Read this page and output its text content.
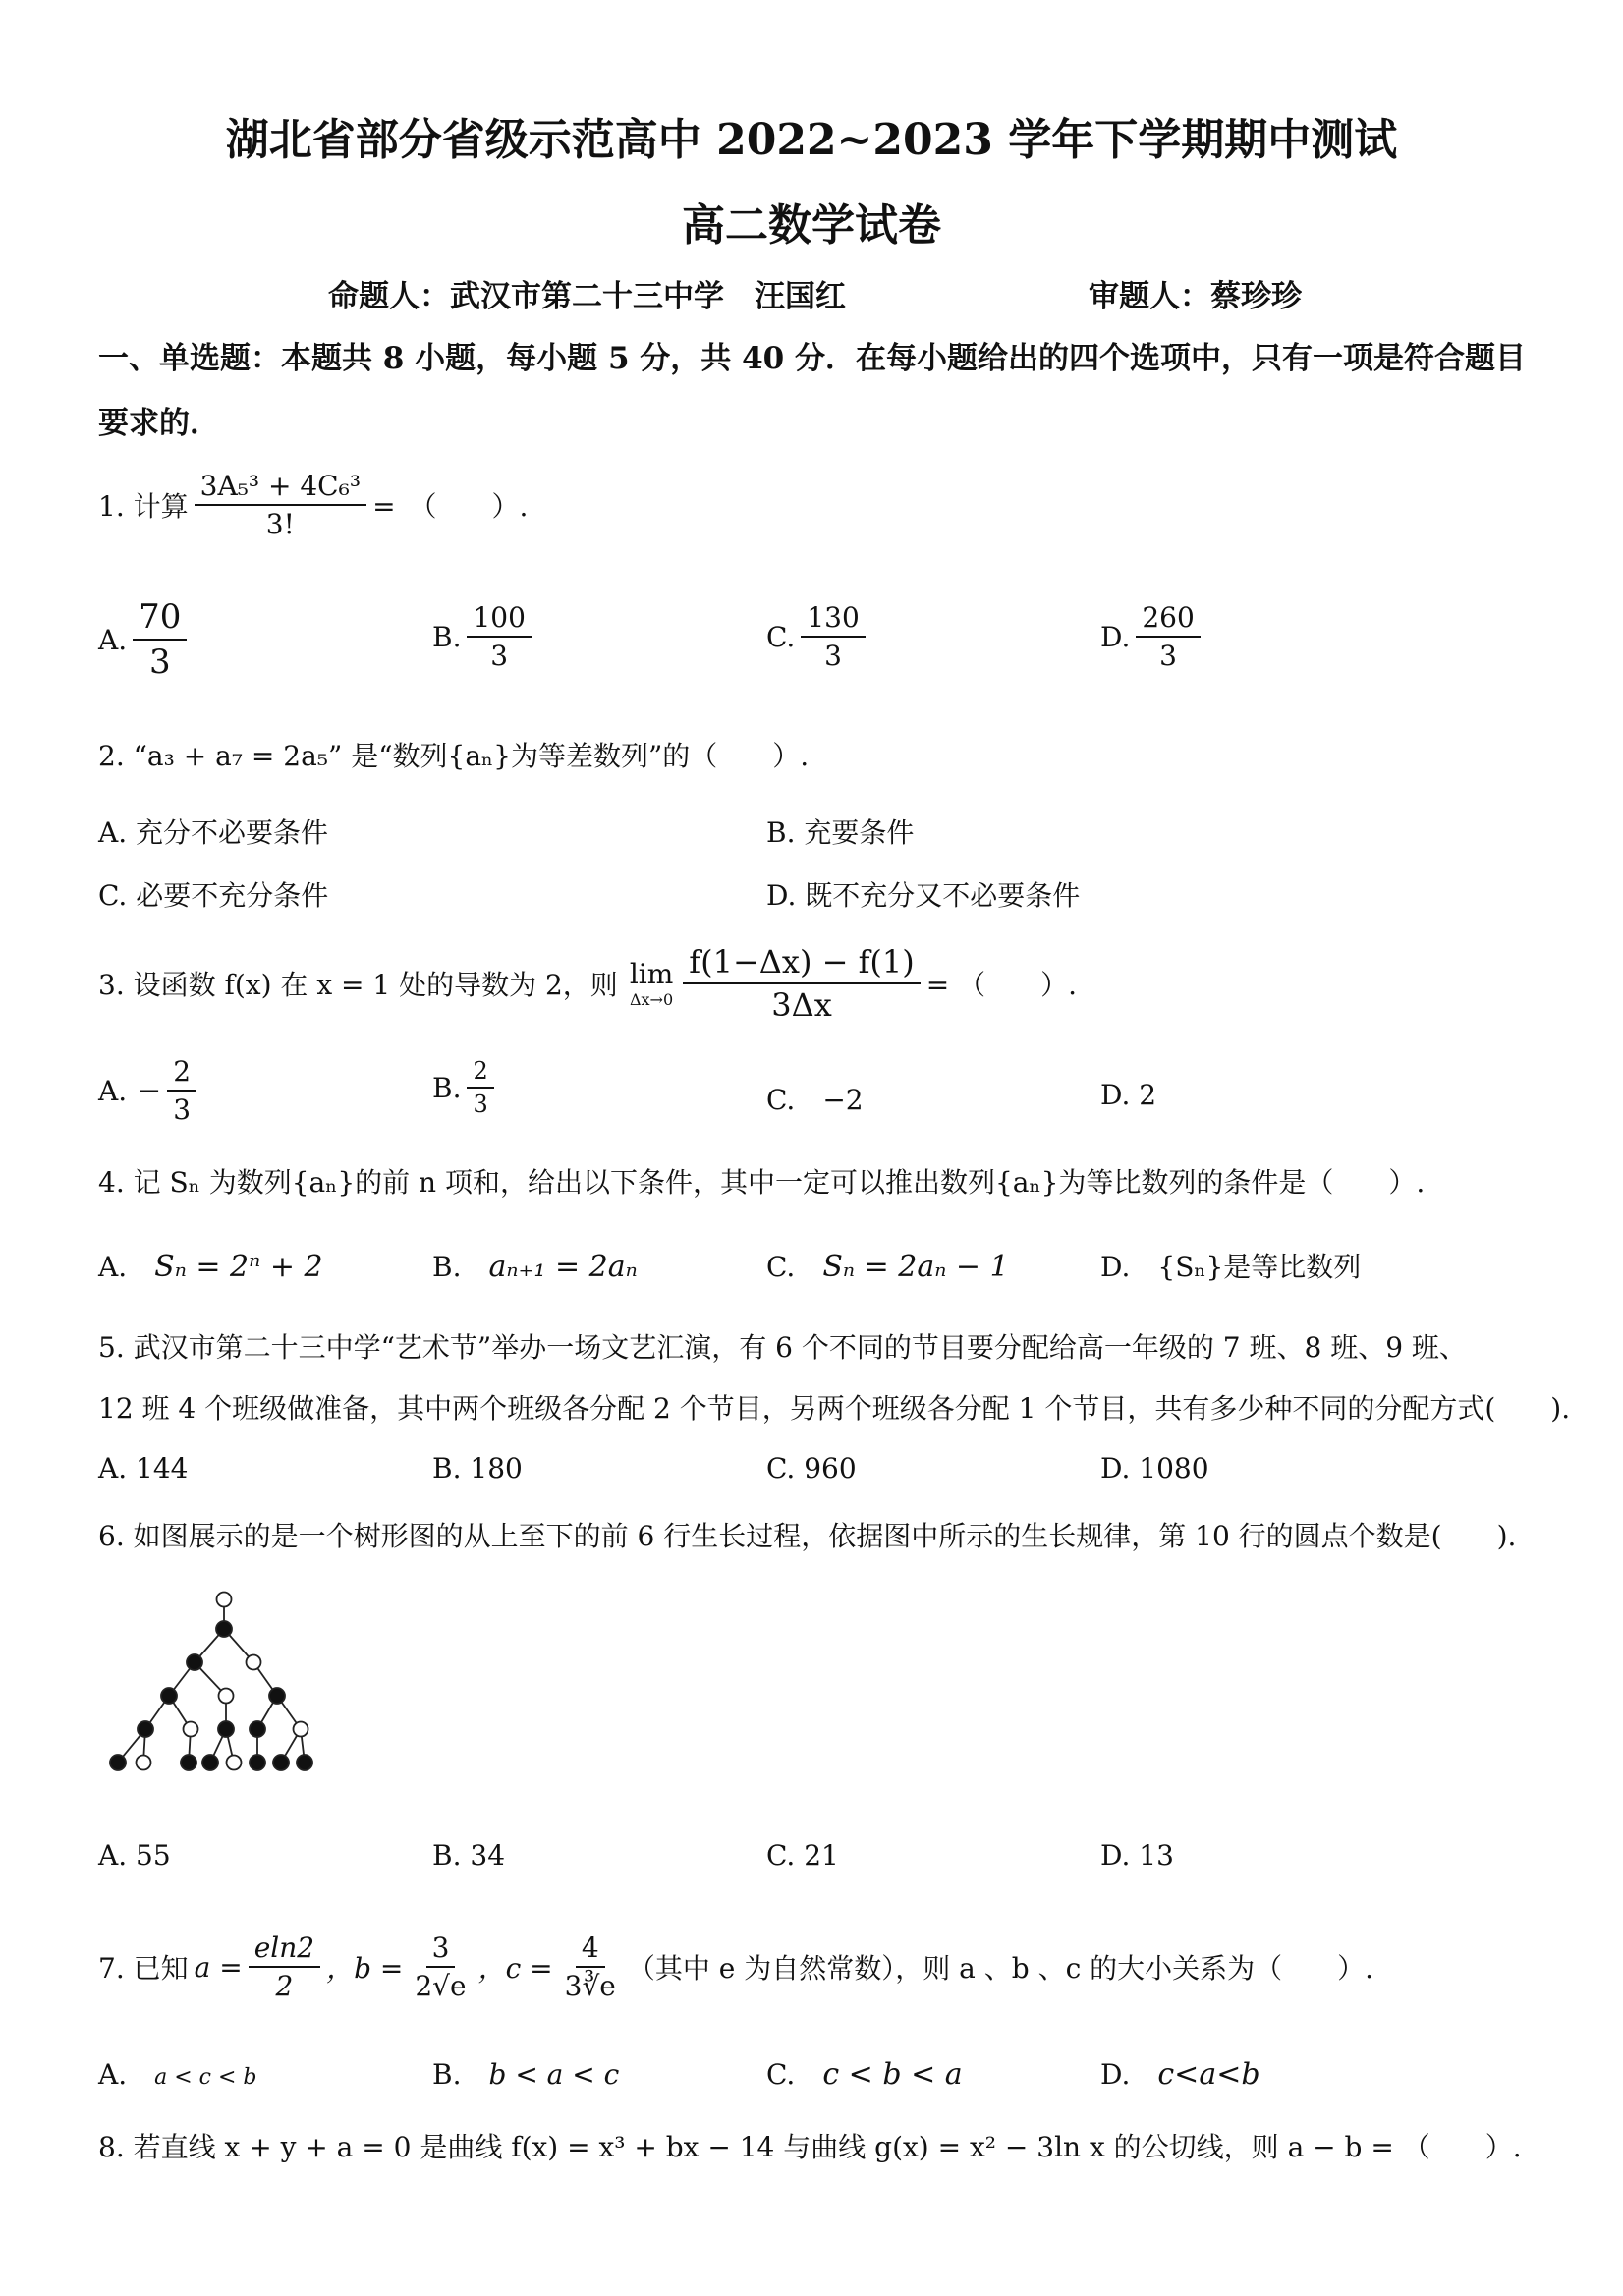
湖北省部分省级示范高中 2022~2023 学年下学期期中测试
高二数学试卷
命题人：武汉市第二十三中学　汪国红	审题人：蔡珍珍
一、单选题：本题共 8 小题，每小题 5 分，共 40 分．在每小题给出的四个选项中，只有一项是符合题目要求的．
1. 计算 $\frac{\text{3A₅³ + 4C₆³}}{3!}$ =　（　　）.
A. $\frac{70}{3}$	B. $\frac{100}{3}$	C. $\frac{130}{3}$	D. $\frac{260}{3}$
2. “a₃ + a₇ = 2a₅” 是“数列{aₙ}为等差数列”的（　　）.
A. 充分不必要条件	B. 充要条件
C. 必要不充分条件	D. 既不充分又不必要条件
3. 设函数 f(x) 在 x = 1 处的导数为 2，则 lim
$\Delta x\to 0 \frac{f(1-\Delta x) - f(1)}{3\Delta x}$ = （　　）.
A. − $\frac{2}{3}$	B. $\frac{2}{3}$	C.　−2	D. 2
4. 记 Sₙ 为数列{aₙ}的前 n 项和，给出以下条件，其中一定可以推出数列{aₙ}为等比数列的条件是（　　）.
A.　 Sₙ = 2ⁿ + 2	B.　 aₙ₊₁ = 2aₙ	C.　 Sₙ = 2aₙ − 1	D.　 {Sₙ}是等比数列
5. 武汉市第二十三中学“艺术节”举办一场文艺汇演，有 6 个不同的节目要分配给高一年级的 7 班、8 班、9 班、
12 班 4 个班级做准备，其中两个班级各分配 2 个节目，另两个班级各分配 1 个节目，共有多少种不同的分配方式(　　).
A. 144	B. 180	C. 960	D. 1080
6. 如图展示的是一个树形图的从上至下的前 6 行生长过程，依据图中所示的生长规律，第 10 行的圆点个数是(　　).
A. 55	B. 34	C. 21	D. 13
7. 已知 $a = \frac{eln2}{2}$ ，$b = \frac{3}{2√e}$ ，$c = \frac{4}{3∛e}$ （其中 e 为自然常数），则 a 、b 、c 的大小关系为（　　）.
A.　 a < c < b	B.　 b < a < c	C.　 c < b < a	D.　 c<a<b
8. 若直线 x + y + a = 0 是曲线 f(x) = x³ + bx − 14 与曲线 g(x) = x² − 3ln x 的公切线，则 a − b = （　　）.
